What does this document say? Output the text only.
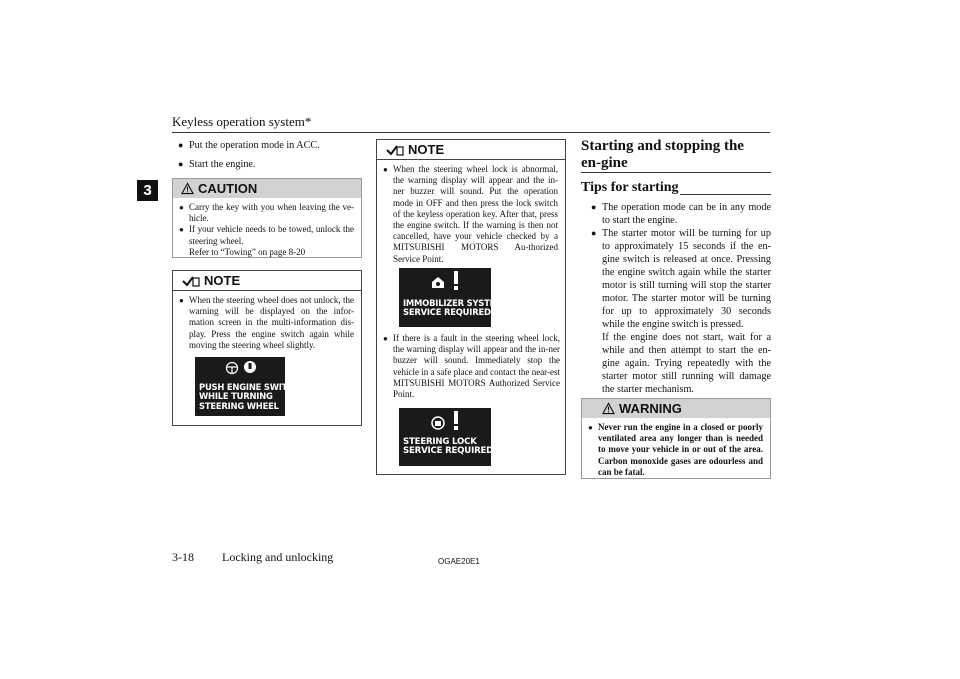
Keyless operation system*
3
● Put the operation mode in ACC.
● Start the engine.
CAUTION
● Carry the key with you when leaving the ve-hicle.
● If your vehicle needs to be towed, unlock the steering wheel.
Refer to “Towing” on page 8-20
NOTE
● When the steering wheel does not unlock, the warning will be displayed on the infor-mation screen in the multi-information dis-play. Press the engine switch again while moving the steering wheel slightly.
PUSH ENGINE SWITCH
WHILE TURNING
STEERING WHEEL
NOTE
● When the steering wheel lock is abnormal, the warning display will appear and the in-ner buzzer will sound. Put the operation mode in OFF and then press the lock switch of the keyless operation key. After that, press the engine switch. If the warning is then not cancelled, have your vehicle checked by a MITSUBISHI MOTORS Au-thorized Service Point.
IMMOBILIZER SYSTEM
SERVICE REQUIRED
● If there is a fault in the steering wheel lock, the warning display will appear and the in-ner buzzer will sound. Immediately stop the vehicle in a safe place and contact the near-est MITSUBISHI MOTORS Authorized Service Point.
STEERING LOCK
SERVICE REQUIRED
Starting and stopping the en-gine
Tips for starting
● The operation mode can be in any mode to start the engine.
● The starter motor will be turning for up to approximately 15 seconds if the en-gine switch is released at once. Pressing the engine switch again while the starter motor is still turning will stop the starter motor. The starter motor will be turning for up to approximately 30 seconds while the engine switch is pressed.
If the engine does not start, wait for a while and then attempt to start the en-gine again. Trying repeatedly with the starter motor still running will damage the starter mechanism.
WARNING
● Never run the engine in a closed or poorly ventilated area any longer than is needed to move your vehicle in or out of the area. Carbon monoxide gases are odourless and can be fatal.
3-18 Locking and unlocking	OGAE20E1
